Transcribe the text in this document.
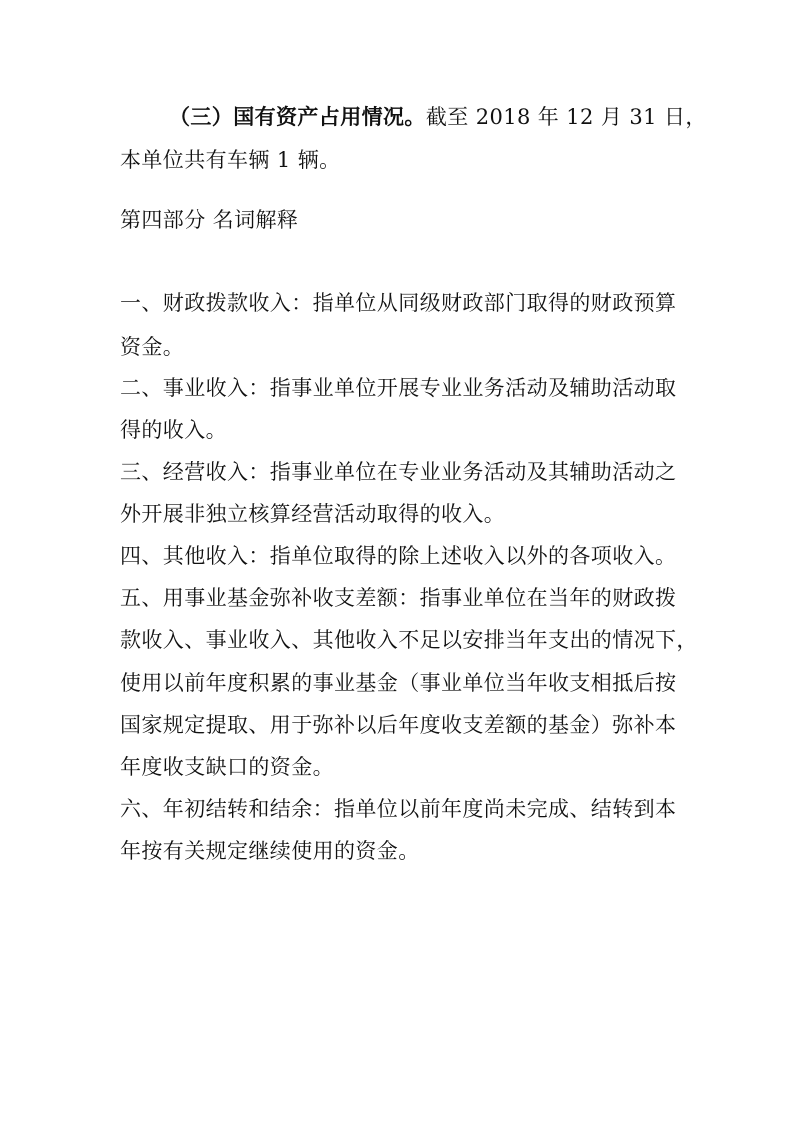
（三）国有资产占用情况。截至 2018 年 12 月 31 日，
本单位共有车辆 1 辆。
第四部分 名词解释
一、财政拨款收入：指单位从同级财政部门取得的财政预算
资金。
二、事业收入：指事业单位开展专业业务活动及辅助活动取
得的收入。
三、经营收入：指事业单位在专业业务活动及其辅助活动之
外开展非独立核算经营活动取得的收入。
四、其他收入：指单位取得的除上述收入以外的各项收入。
五、用事业基金弥补收支差额：指事业单位在当年的财政拨
款收入、事业收入、其他收入不足以安排当年支出的情况下，
使用以前年度积累的事业基金（事业单位当年收支相抵后按
国家规定提取、用于弥补以后年度收支差额的基金）弥补本
年度收支缺口的资金。
六、年初结转和结余：指单位以前年度尚未完成、结转到本
年按有关规定继续使用的资金。
